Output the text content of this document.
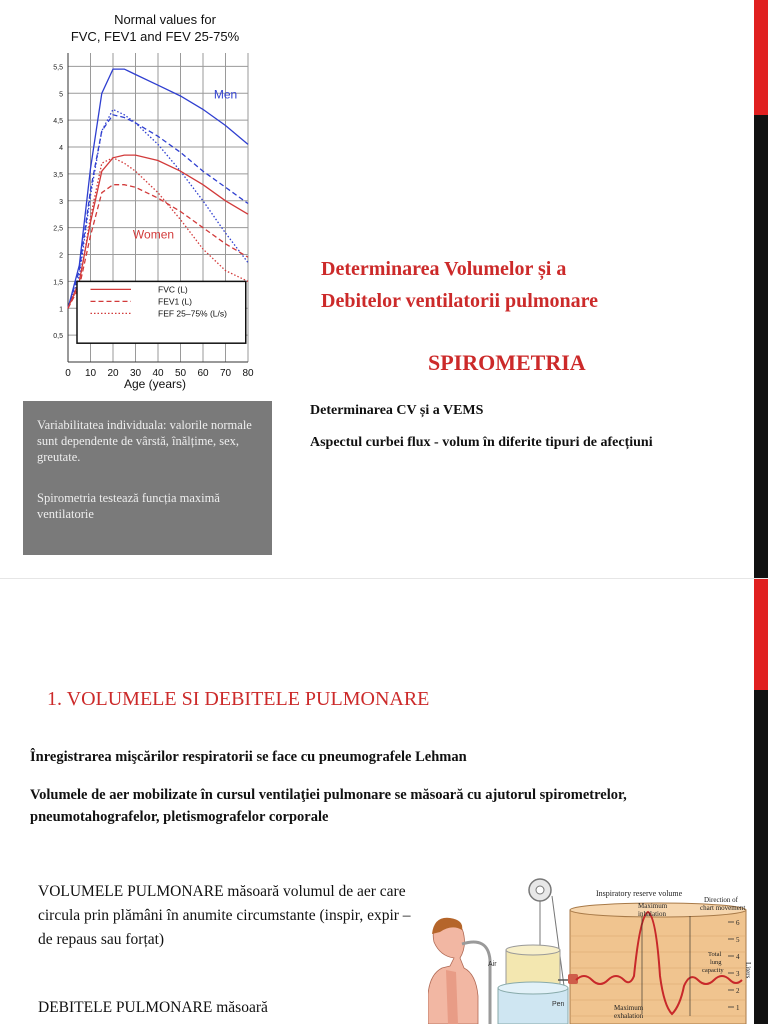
Normal values for
FVC, FEV1 and FEV 25-75%
0,5
1
1,5
2
2,5
3
3,5
4
4,5
5
5,5
0 10 20 30 40 50 60 70 80
FVC (L)
FEV1 (L)
FEF 25–75% (L/s)
Men
Women
Age (years)

Variabilitatea individuala: valorile normale sunt dependente de vârstă, înălțime, sex, greutate.

Spirometria testează funcția maximă ventilatorie

Determinarea Volumelor și a
Debitelor ventilatorii pulmonare
SPIROMETRIA
Determinarea CV și a VEMS
Aspectul curbei flux - volum în diferite tipuri de afecțiuni
1. VOLUMELE SI DEBITELE PULMONARE
Înregistrarea mişcărilor respiratorii se face cu pneumografele Lehman
Volumele de aer mobilizate în cursul ventilaţiei pulmonare se măsoară cu ajutorul spirometrelor, pneumotahografelor, pletismografelor corporale
VOLUMELE PULMONARE măsoară volumul de aer care circula prin plămâni în anumite circumstante (inspir, expir – de repaus sau forțat)
DEBITELE PULMONARE măsoară
Air
Pen
Inspiratory reserve volume
Maximum
inhalation
Direction of
chart movement
Total
lung
capacity
Maximum
exhalation
Liters
6
5
4
3
2
1
